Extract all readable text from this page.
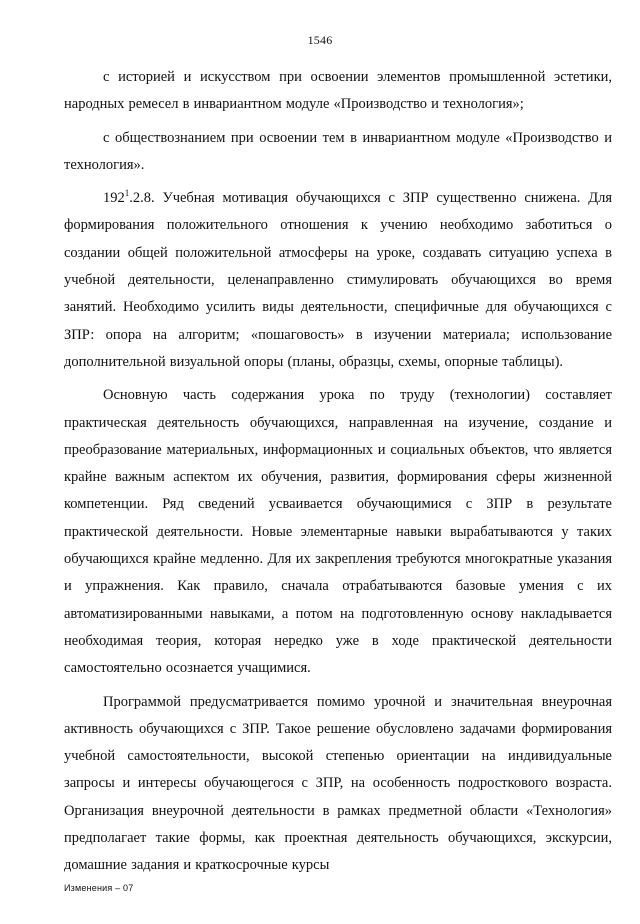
1546

с историей и искусством при освоении элементов промышленной эстетики, народных ремесел в инвариантном модуле «Производство и технология»;

с обществознанием при освоении тем в инвариантном модуле «Производство и технология».

$192^1.2.8$. Учебная мотивация обучающихся с ЗПР существенно снижена. Для формирования положительного отношения к учению необходимо заботиться о создании общей положительной атмосферы на уроке, создавать ситуацию успеха в учебной деятельности, целенаправленно стимулировать обучающихся во время занятий. Необходимо усилить виды деятельности, специфичные для обучающихся с ЗПР: опора на алгоритм; «пошаговость» в изучении материала; использование дополнительной визуальной опоры (планы, образцы, схемы, опорные таблицы).

Основную часть содержания урока по труду (технологии) составляет практическая деятельность обучающихся, направленная на изучение, создание и преобразование материальных, информационных и социальных объектов, что является крайне важным аспектом их обучения, развития, формирования сферы жизненной компетенции. Ряд сведений усваивается обучающимися с ЗПР в результате практической деятельности. Новые элементарные навыки вырабатываются у таких обучающихся крайне медленно. Для их закрепления требуются многократные указания и упражнения. Как правило, сначала отрабатываются базовые умения с их автоматизированными навыками, а потом на подготовленную основу накладывается необходимая теория, которая нередко уже в ходе практической деятельности самостоятельно осознается учащимися.

Программой предусматривается помимо урочной и значительная внеурочная активность обучающихся с ЗПР. Такое решение обусловлено задачами формирования учебной самостоятельности, высокой степенью ориентации на индивидуальные запросы и интересы обучающегося с ЗПР, на особенность подросткового возраста. Организация внеурочной деятельности в рамках предметной области «Технология» предполагает такие формы, как проектная деятельность обучающихся, экскурсии, домашние задания и краткосрочные курсы

Изменения – 07
